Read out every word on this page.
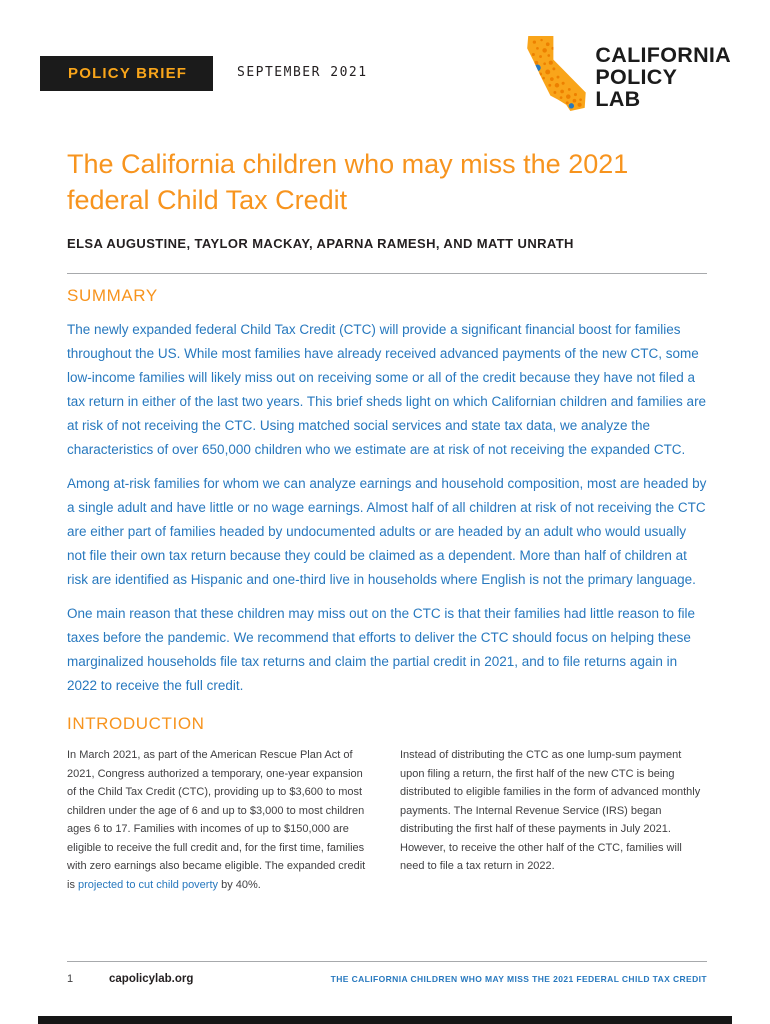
POLICY BRIEF	SEPTEMBER 2021
CALIFORNIA
POLICY
LAB
The California children who may miss the 2021
federal Child Tax Credit
ELSA AUGUSTINE, TAYLOR MACKAY, APARNA RAMESH, AND MATT UNRATH
SUMMARY

The newly expanded federal Child Tax Credit (CTC) will provide a significant financial boost for families throughout the US. While most families have already received advanced payments of the new CTC, some low-income families will likely miss out on receiving some or all of the credit because they have not filed a tax return in either of the last two years. This brief sheds light on which Californian children and families are at risk of not receiving the CTC. Using matched social services and state tax data, we analyze the characteristics of over 650,000 children who we estimate are at risk of not receiving the expanded CTC.

Among at-risk families for whom we can analyze earnings and household composition, most are headed by a single adult and have little or no wage earnings. Almost half of all children at risk of not receiving the CTC are either part of families headed by undocumented adults or are headed by an adult who would usually not file their own tax return because they could be claimed as a dependent. More than half of children at risk are identified as Hispanic and one-third live in households where English is not the primary language.

One main reason that these children may miss out on the CTC is that their families had little reason to file taxes before the pandemic. We recommend that efforts to deliver the CTC should focus on helping these marginalized households file tax returns and claim the partial credit in 2021, and to file returns again in 2022 to receive the full credit.

INTRODUCTION

In March 2021, as part of the American Rescue Plan Act of 2021, Congress authorized a temporary, one-year expansion of the Child Tax Credit (CTC), providing up to $3,600 to most children under the age of 6 and up to $3,000 to most children ages 6 to 17. Families with incomes of up to $150,000 are eligible to receive the full credit and, for the first time, families with zero earnings also became eligible. The expanded credit is projected to cut child poverty by 40%.

Instead of distributing the CTC as one lump-sum payment upon filing a return, the first half of the new CTC is being distributed to eligible families in the form of advanced monthly payments. The Internal Revenue Service (IRS) began distributing the first half of these payments in July 2021. However, to receive the other half of the CTC, families will need to file a tax return in 2022.

1	capolicylab.org	THE CALIFORNIA CHILDREN WHO MAY MISS THE 2021 FEDERAL CHILD TAX CREDIT
